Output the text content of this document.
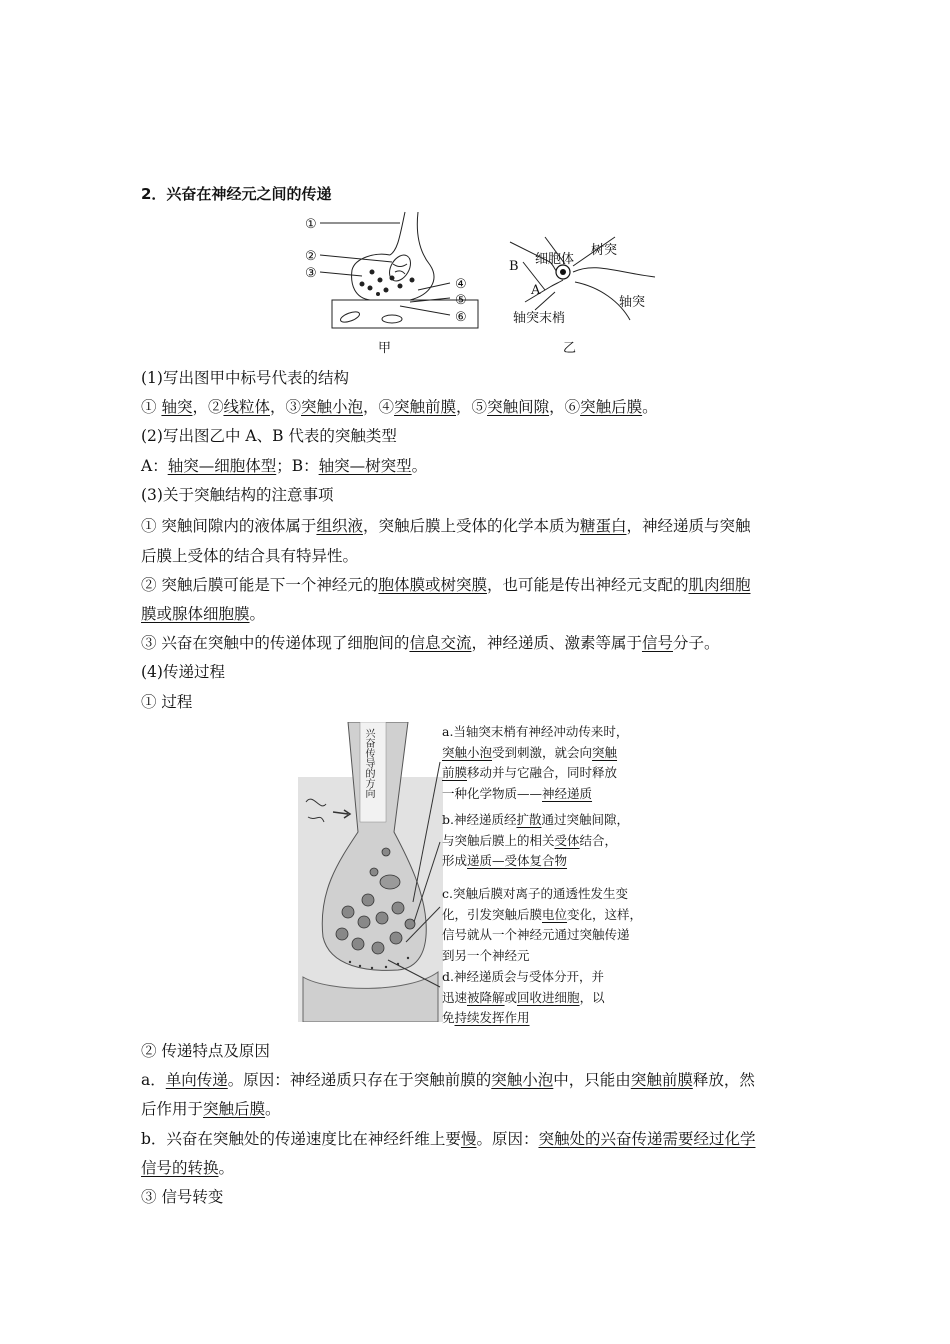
2．兴奋在神经元之间的传递
①
②
③
④
⑤
⑥
甲
B
A
细胞体
树突
轴突
轴突末梢
乙
(1)写出图甲中标号代表的结构
① 轴突，②线粒体，③突触小泡，④突触前膜，⑤突触间隙，⑥突触后膜。
(2)写出图乙中 A、B 代表的突触类型
A：轴突—细胞体型；B：轴突—树突型。
(3)关于突触结构的注意事项
① 突触间隙内的液体属于组织液，突触后膜上受体的化学本质为糖蛋白，神经递质与突触
后膜上受体的结合具有特异性。
② 突触后膜可能是下一个神经元的胞体膜或树突膜，也可能是传出神经元支配的肌肉细胞
膜或腺体细胞膜。
③ 兴奋在突触中的传递体现了细胞间的信息交流，神经递质、激素等属于信号分子。
(4)传递过程
① 过程
兴奋传导的方向	a.当轴突末梢有神经冲动传来时，
突触小泡受到刺激，就会向突触
前膜移动并与它融合，同时释放
一种化学物质——神经递质
b.神经递质经扩散通过突触间隙，
与突触后膜上的相关受体结合，
形成递质—受体复合物
c.突触后膜对离子的通透性发生变
化，引发突触后膜电位变化，这样，
信号就从一个神经元通过突触传递
到另一个神经元
d.神经递质会与受体分开，并
迅速被降解或回收进细胞，以
免持续发挥作用
② 传递特点及原因
a．单向传递。原因：神经递质只存在于突触前膜的突触小泡中，只能由突触前膜释放，然
后作用于突触后膜。
b．兴奋在突触处的传递速度比在神经纤维上要慢。原因：突触处的兴奋传递需要经过化学
信号的转换。
③ 信号转变
